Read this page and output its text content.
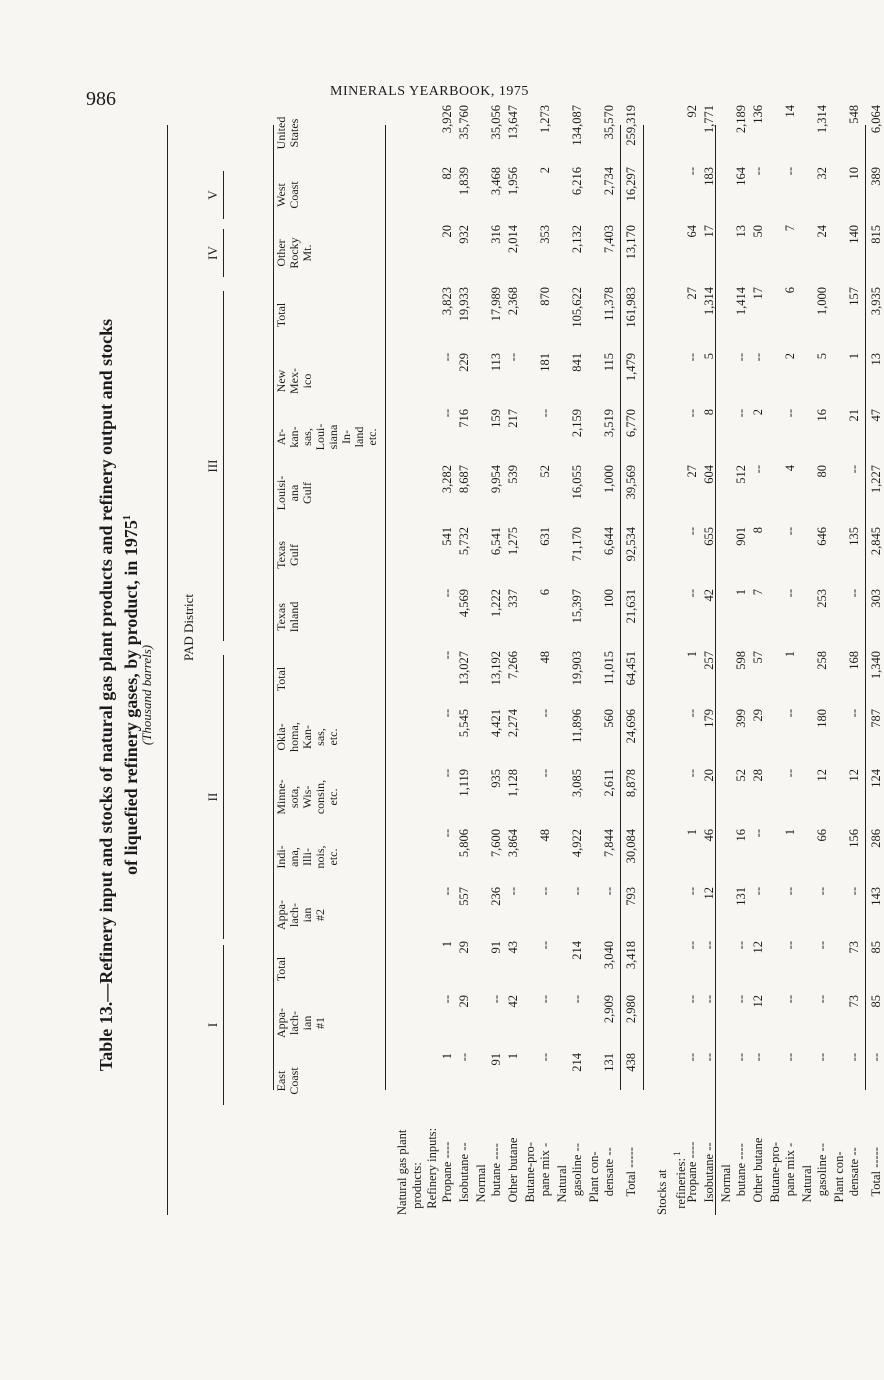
986	MINERALS YEARBOOK, 1975
Table 13.—Refinery input and stocks of natural gas plant products and refinery output and stocks of liquefied refinery gases, by product, in 1975$^1$
(Thousand barrels)
PAD District
I
II
III
IV
V
East
Coast
Appa-
lach-
ian
#1
Total
Appa-
lach-
ian
#2
Indi-
ana,
Illi-
nois,
etc.
Minne-
sota,
Wis-
consin,
etc.
Okla-
homa,
Kan-
sas,
etc.
Total
Texas
Inland
Texas
Gulf
Louisi-
ana
Gulf
Ar-
kan-
sas,
Loui-
siana
In-
land
etc.
New
Mex-
ico
Total
Other
Rocky
Mt.
West
Coast
United
States
Natural gas plant products: Refinery inputs: Propane ----
1
--
1
--
--
--
--
--
--
541
3,282
--
--
3,823
20
82
3,926
Isobutane --
--
29
29
557
5,806
1,119
5,545
13,027
4,569
5,732
8,687
716
229
19,933
932
1,839
35,760
Normal butane ----
91
--
91
236
7,600
935
4,421
13,192
1,222
6,541
9,954
159
113
17,989
316
3,468
35,056
Other butane
1
42
43
--
3,864
1,128
2,274
7,266
337
1,275
539
217
--
2,368
2,014
1,956
13,647
Butane-pro- pane mix -
--
--
--
--
48
--
--
48
6
631
52
--
181
870
353
2
1,273
Natural gasoline --
214
--
214
--
4,922
3,085
11,896
19,903
15,397
71,170
16,055
2,159
841
105,622
2,132
6,216
134,087
Plant con- densate --
131
2,909
3,040
--
7,844
2,611
560
11,015
100
6,644
1,000
3,519
115
11,378
7,403
2,734
35,570
Total -----
438
2,980
3,418
793
30,084
8,878
24,696
64,451
21,631
92,534
39,569
6,770
1,479
161,983
13,170
16,297
259,319
Stocks at refineries: $^1$ Propane ----
--
--
--
--
1
--
--
1
--
--
27
--
--
27
64
--
92
Isobutane --
--
--
--
12
46
20
179
257
42
655
604
8
5
1,314
17
183
1,771
Normal butane ----
--
--
--
131
16
52
399
598
1
901
512
--
--
1,414
13
164
2,189
Other butane
--
12
12
--
--
28
29
57
7
8
--
2
--
17
50
--
136
Butane-pro- pane mix -
--
--
--
--
1
--
--
1
--
--
4
--
2
6
7
--
14
Natural gasoline --
--
--
--
--
66
12
180
258
253
646
80
16
5
1,000
24
32
1,314
Plant con- densate --
--
73
73
--
156
12
--
168
--
135
--
21
1
157
140
10
548
Total -----
--
85
85
143
286
124
787
1,340
303
2,845
1,227
47
13
3,935
815
389
6,064
